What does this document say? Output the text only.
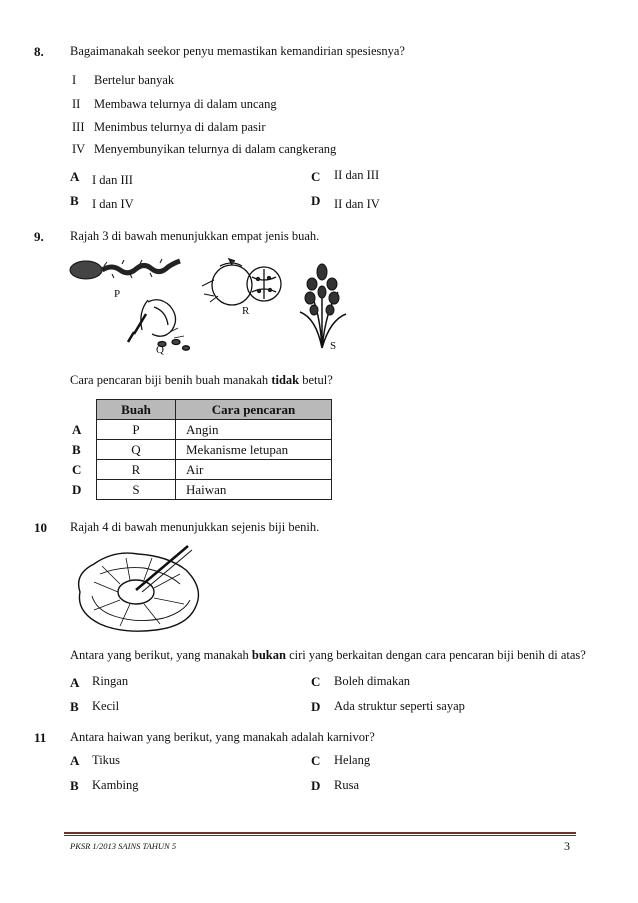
8. Bagaimanakah seekor penyu memastikan kemandirian spesiesnya?
I Bertelur banyak
II Membawa telurnya di dalam uncang
III Menimbus telurnya di dalam pasir
IV Menyembunyikan telurnya di dalam cangkerang
A I dan III
B I dan IV
C II dan III
D II dan IV
9. Rajah 3 di bawah menunjukkan empat jenis buah.
P
Q
R
S
Cara pencaran biji benih buah manakah tidak betul?
	Buah	Cara pencaran
A	P	Angin
B	Q	Mekanisme letupan
C	R	Air
D	S	Haiwan
10 Rajah 4 di bawah menunjukkan sejenis biji benih.
Antara yang berikut, yang manakah bukan ciri yang berkaitan dengan cara pencaran biji benih di atas?
A Ringan
B Kecil
C Boleh dimakan
D Ada struktur seperti sayap
11 Antara haiwan yang berikut, yang manakah adalah karnivor?
A Tikus
B Kambing
C Helang
D Rusa
PKSR 1/2013 SAINS TAHUN 5	3
